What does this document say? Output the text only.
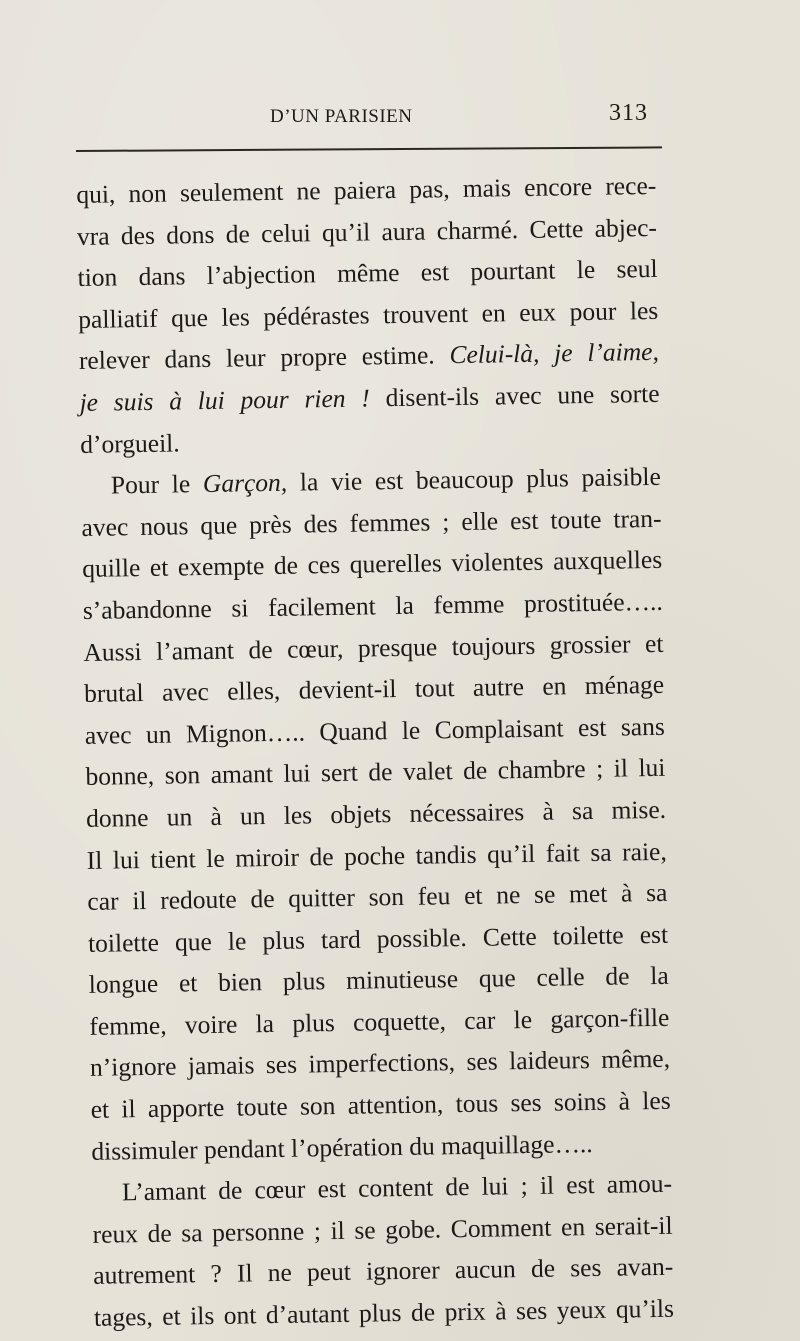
D’UN PARISIEN	313
qui, non seulement ne paiera pas, mais encore rece-
vra des dons de celui qu’il aura charmé. Cette abjec-
tion dans l’abjection même est pourtant le seul
palliatif que les pédérastes trouvent en eux pour les
relever dans leur propre estime. Celui-là, je l’aime,
je suis à lui pour rien ! disent-ils avec une sorte
d’orgueil.
Pour le Garçon, la vie est beaucoup plus paisible
avec nous que près des femmes ; elle est toute tran-
quille et exempte de ces querelles violentes auxquelles
s’abandonne si facilement la femme prostituée…..
Aussi l’amant de cœur, presque toujours grossier et
brutal avec elles, devient-il tout autre en ménage
avec un Mignon….. Quand le Complaisant est sans
bonne, son amant lui sert de valet de chambre ; il lui
donne un à un les objets nécessaires à sa mise.
Il lui tient le miroir de poche tandis qu’il fait sa raie,
car il redoute de quitter son feu et ne se met à sa
toilette que le plus tard possible. Cette toilette est
longue et bien plus minutieuse que celle de la
femme, voire la plus coquette, car le garçon-fille
n’ignore jamais ses imperfections, ses laideurs même,
et il apporte toute son attention, tous ses soins à les
dissimuler pendant l’opération du maquillage…..
L’amant de cœur est content de lui ; il est amou-
reux de sa personne ; il se gobe. Comment en serait-il
autrement ? Il ne peut ignorer aucun de ses avan-
tages, et ils ont d’autant plus de prix à ses yeux qu’ils
